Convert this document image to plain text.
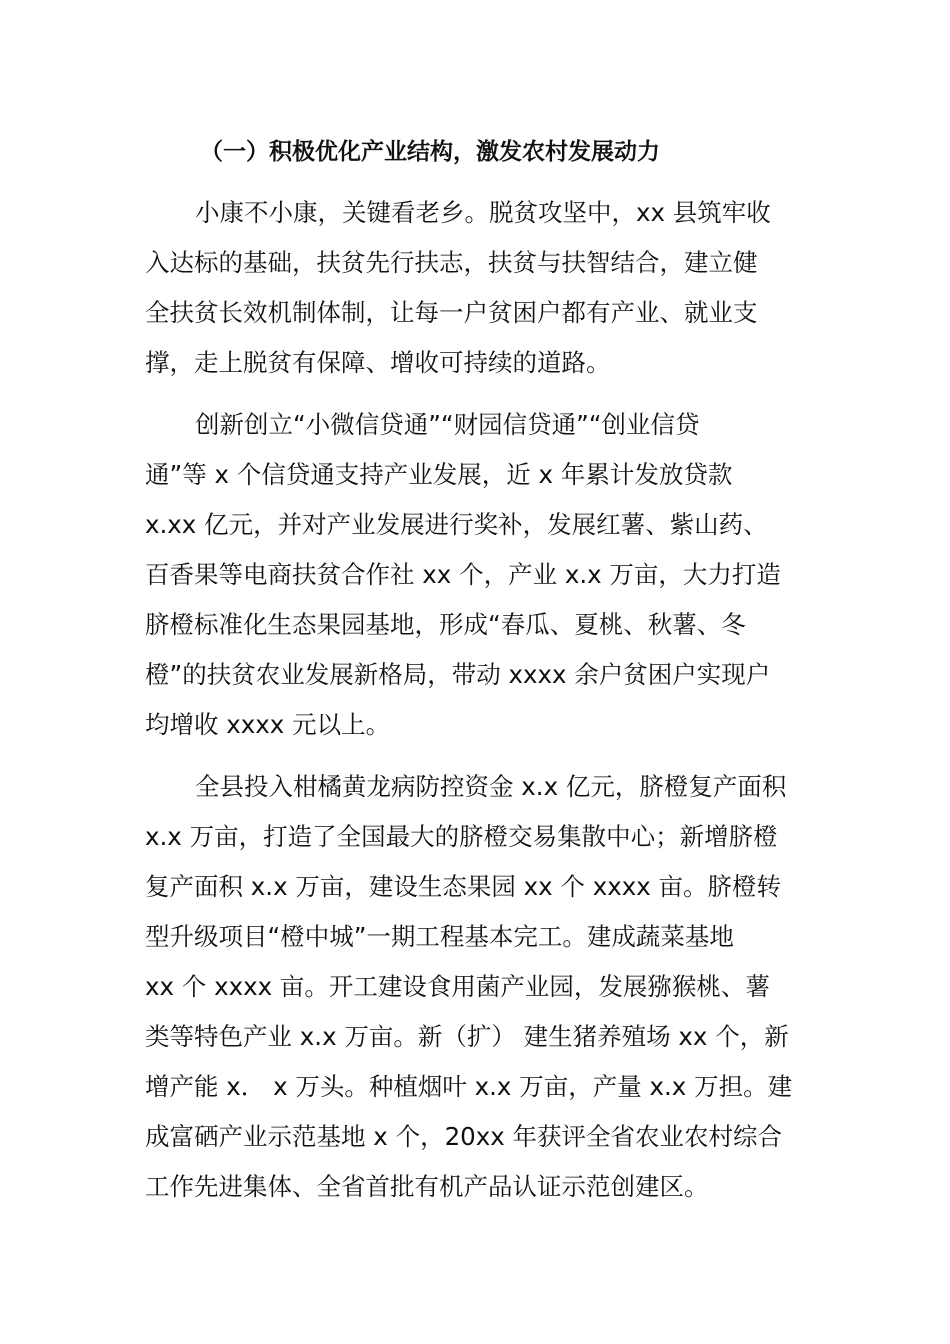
（一）积极优化产业结构，激发农村发展动力
小康不小康，关键看老乡。脱贫攻坚中，xx 县筑牢收
入达标的基础，扶贫先行扶志，扶贫与扶智结合，建立健
全扶贫长效机制体制，让每一户贫困户都有产业、就业支
撑，走上脱贫有保障、增收可持续的道路。
创新创立“小微信贷通”“财园信贷通”“创业信贷
通”等 x 个信贷通支持产业发展，近 x 年累计发放贷款
x.xx 亿元，并对产业发展进行奖补，发展红薯、紫山药、
百香果等电商扶贫合作社 xx 个，产业 x.x 万亩，大力打造
脐橙标准化生态果园基地，形成“春瓜、夏桃、秋薯、冬
橙”的扶贫农业发展新格局，带动 xxxx 余户贫困户实现户
均增收 xxxx 元以上。
全县投入柑橘黄龙病防控资金 x.x 亿元，脐橙复产面积
x.x 万亩，打造了全国最大的脐橙交易集散中心；新增脐橙
复产面积 x.x 万亩，建设生态果园 xx 个 xxxx 亩。脐橙转
型升级项目“橙中城”一期工程基本完工。建成蔬菜基地
xx 个 xxxx 亩。开工建设食用菌产业园，发展猕猴桃、薯
类等特色产业 x.x 万亩。新（扩） 建生猪养殖场 xx 个，新
增产能 x． x 万头。种植烟叶 x.x 万亩，产量 x.x 万担。建
成富硒产业示范基地 x 个，20xx 年获评全省农业农村综合
工作先进集体、全省首批有机产品认证示范创建区。
